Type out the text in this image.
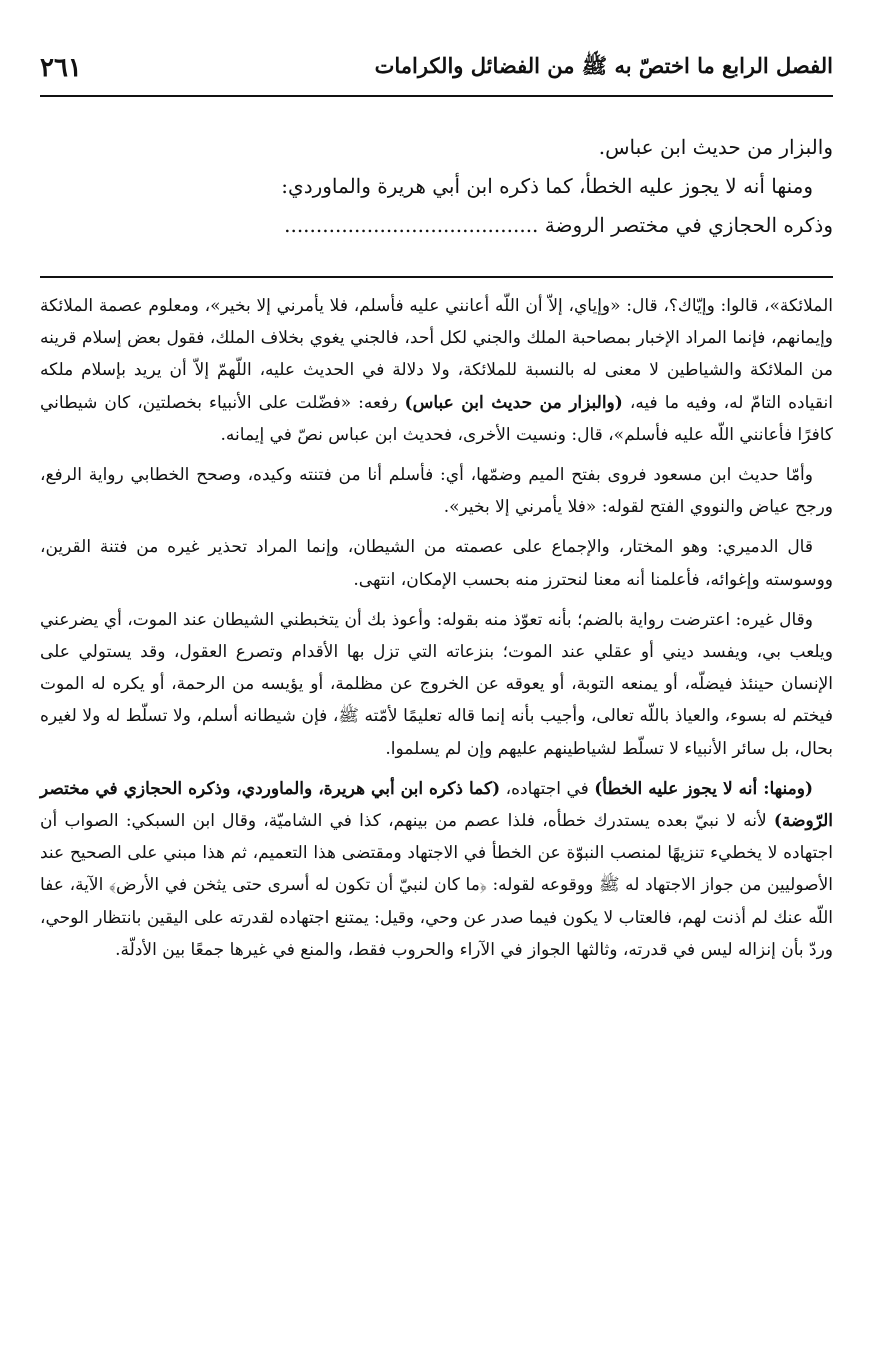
الفصل الرابع ما اختصّ به ﷺ من الفضائل والكرامات
٢٦١

والبزار من حديث ابن عباس.

ومنها أنه لا يجوز عليه الخطأ، كما ذكره ابن أبي هريرة والماوردي:

وذكره الحجازي في مختصر الروضة ........................................

الملائكة»، قالوا: وإيّاك؟، قال: «وإياي، إلاّ أن اللّه أعانني عليه فأسلم، فلا يأمرني إلا بخير»، ومعلوم عصمة الملائكة وإيمانهم، فإنما المراد الإخبار بمصاحبة الملك والجني لكل أحد، فالجني يغوي بخلاف الملك، فقول بعض إسلام قرينه من الملائكة والشياطين لا معنى له بالنسبة للملائكة، ولا دلالة في الحديث عليه، اللّهمّ إلاّ أن يريد بإسلام ملكه انقياده التامّ له، وفيه ما فيه، (والبزار من حديث ابن عباس) رفعه: «فضّلت على الأنبياء بخصلتين، كان شيطاني كافرًا فأعانني اللّه عليه فأسلم»، قال: ونسيت الأخرى، فحديث ابن عباس نصّ في إيمانه.

وأمّا حديث ابن مسعود فروى بفتح الميم وضمّها، أي: فأسلم أنا من فتنته وكيده، وصحح الخطابي رواية الرفع، ورجح عياض والنووي الفتح لقوله: «فلا يأمرني إلا بخير».

قال الدميري: وهو المختار، والإجماع على عصمته من الشيطان، وإنما المراد تحذير غيره من فتنة القرين، ووسوسته وإغوائه، فأعلمنا أنه معنا لنحترز منه بحسب الإمكان، انتهى.

وقال غيره: اعترضت رواية بالضم؛ بأنه تعوّذ منه بقوله: وأعوذ بك أن يتخبطني الشيطان عند الموت، أي يضرعني ويلعب بي، ويفسد ديني أو عقلي عند الموت؛ بنزعاته التي تزل بها الأقدام وتصرع العقول، وقد يستولي على الإنسان حينئذ فيضلّه، أو يمنعه التوبة، أو يعوقه عن الخروج عن مظلمة، أو يؤيسه من الرحمة، أو يكره له الموت فيختم له بسوء، والعياذ باللّه تعالى، وأجيب بأنه إنما قاله تعليمًا لأمّته ﷺ، فإن شيطانه أسلم، ولا تسلّط له ولا لغيره بحال، بل سائر الأنبياء لا تسلّط لشياطينهم عليهم وإن لم يسلموا.

(ومنها: أنه لا يجوز عليه الخطأ) في اجتهاده، (كما ذكره ابن أبي هريرة، والماوردي، وذكره الحجازي في مختصر الرّوضة) لأنه لا نبيّ بعده يستدرك خطأه، فلذا عصم من بينهم، كذا في الشاميّة، وقال ابن السبكي: الصواب أن اجتهاده لا يخطيء تنزيهًا لمنصب النبوّة عن الخطأ في الاجتهاد ومقتضى هذا التعميم، ثم هذا مبني على الصحيح عند الأصوليين من جواز الاجتهاد له ﷺ ووقوعه لقوله: ﴿ما كان لنبيّ أن تكون له أسرى حتى يثخن في الأرض﴾ الآية، عفا اللّه عنك لم أذنت لهم، فالعتاب لا يكون فيما صدر عن وحي، وقيل: يمتنع اجتهاده لقدرته على اليقين بانتظار الوحي، وردّ بأن إنزاله ليس في قدرته، وثالثها الجواز في الآراء والحروب فقط، والمنع في غيرها جمعًا بين الأدلّة.
